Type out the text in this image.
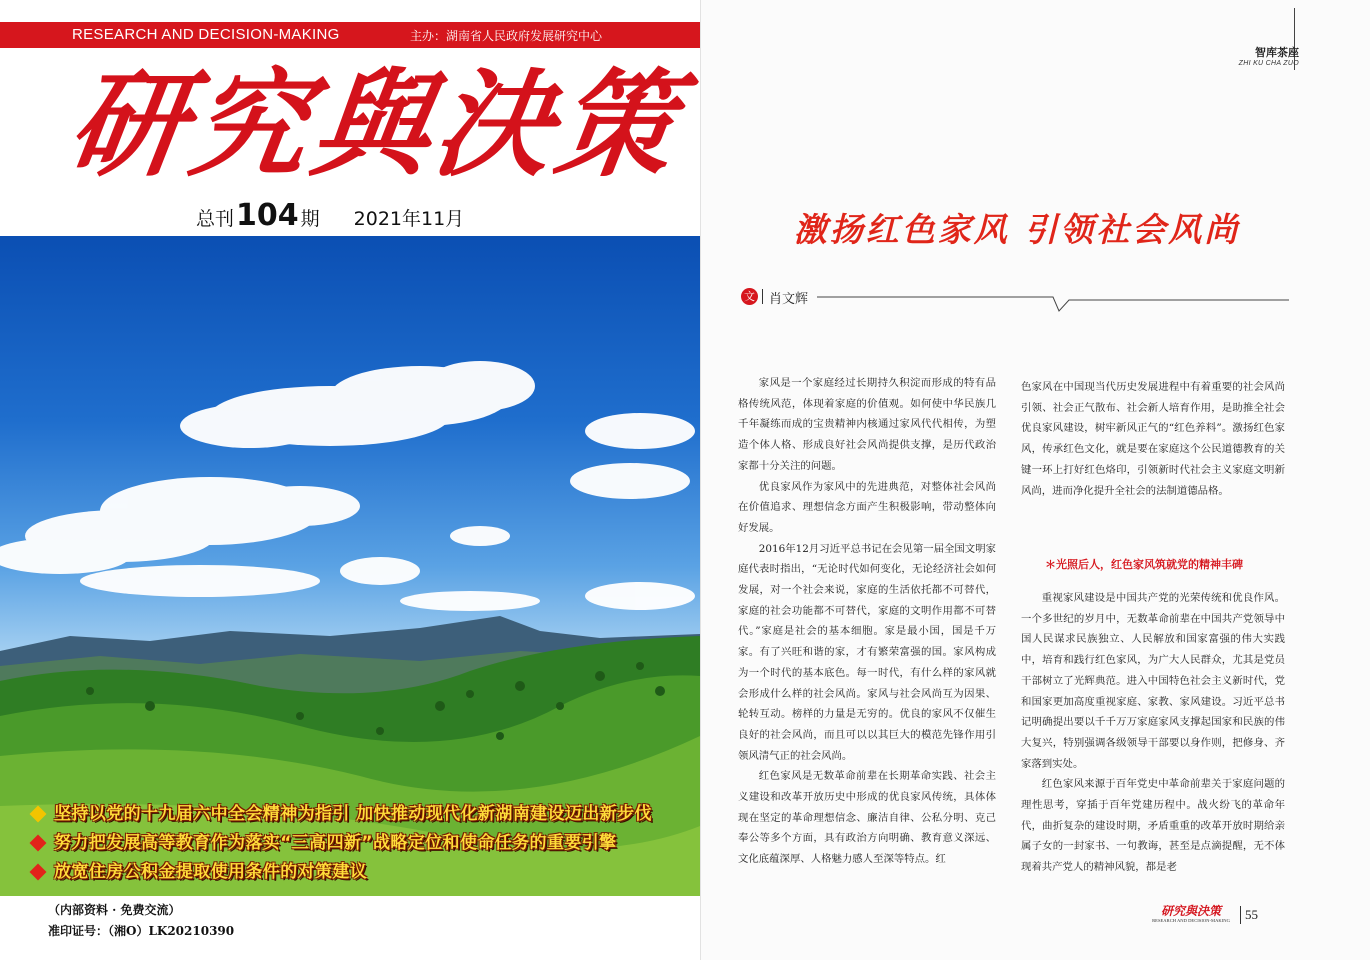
RESEARCH AND DECISION-MAKING	主办：湖南省人民政府发展研究中心
研究與決策
总刊104 期 2021年11月
坚持以党的十九届六中全会精神为指引 加快推动现代化新湖南建设迈出新步伐
努力把发展高等教育作为落实“三高四新”战略定位和使命任务的重要引擎
放宽住房公积金提取使用条件的对策建议
（内部资料 · 免费交流）
准印证号：（湘O）LK20210390
智库茶座
ZHI KU CHA ZUO
激扬红色家风 引领社会风尚
文 肖文辉

家风是一个家庭经过长期持久积淀而形成的特有品格传统风范，体现着家庭的价值观。如何使中华民族几千年凝练而成的宝贵精神内核通过家风代代相传，为塑造个体人格、形成良好社会风尚提供支撑，是历代政治家都十分关注的问题。

优良家风作为家风中的先进典范，对整体社会风尚在价值追求、理想信念方面产生积极影响，带动整体向好发展。

2016年12月习近平总书记在会见第一届全国文明家庭代表时指出，“无论时代如何变化，无论经济社会如何发展，对一个社会来说，家庭的生活依托都不可替代，家庭的社会功能都不可替代，家庭的文明作用都不可替代。”家庭是社会的基本细胞。家是最小国，国是千万家。有了兴旺和谐的家，才有繁荣富强的国。家风构成为一个时代的基本底色。每一时代，有什么样的家风就会形成什么样的社会风尚。家风与社会风尚互为因果、轮转互动。榜样的力量是无穷的。优良的家风不仅催生良好的社会风尚，而且可以以其巨大的模范先锋作用引领风清气正的社会风尚。

红色家风是无数革命前辈在长期革命实践、社会主义建设和改革开放历史中形成的优良家风传统，具体体现在坚定的革命理想信念、廉洁自律、公私分明、克己奉公等多个方面，具有政治方向明确、教育意义深远、文化底蕴深厚、人格魅力感人至深等特点。红

色家风在中国现当代历史发展进程中有着重要的社会风尚引领、社会正气散布、社会新人培育作用，是助推全社会优良家风建设，树牢新风正气的“红色养料”。激扬红色家风，传承红色文化，就是要在家庭这个公民道德教育的关键一环上打好红色烙印，引领新时代社会主义家庭文明新风尚，进而净化提升全社会的法制道德品格。

＊光照后人，红色家风筑就党的精神丰碑

重视家风建设是中国共产党的光荣传统和优良作风。一个多世纪的岁月中，无数革命前辈在中国共产党领导中国人民谋求民族独立、人民解放和国家富强的伟大实践中，培育和践行红色家风，为广大人民群众，尤其是党员干部树立了光辉典范。进入中国特色社会主义新时代，党和国家更加高度重视家庭、家教、家风建设。习近平总书记明确提出要以千千万万家庭家风支撑起国家和民族的伟大复兴，特别强调各级领导干部要以身作则，把修身、齐家落到实处。

红色家风来源于百年党史中革命前辈关于家庭问题的理性思考，穿插于百年党建历程中。战火纷飞的革命年代，曲折复杂的建设时期，矛盾重重的改革开放时期给亲属子女的一封家书、一句教诲，甚至是点滴提醒，无不体现着共产党人的精神风貌，都是老

研究與決策
RESEARCH AND DECISION-MAKING	55
